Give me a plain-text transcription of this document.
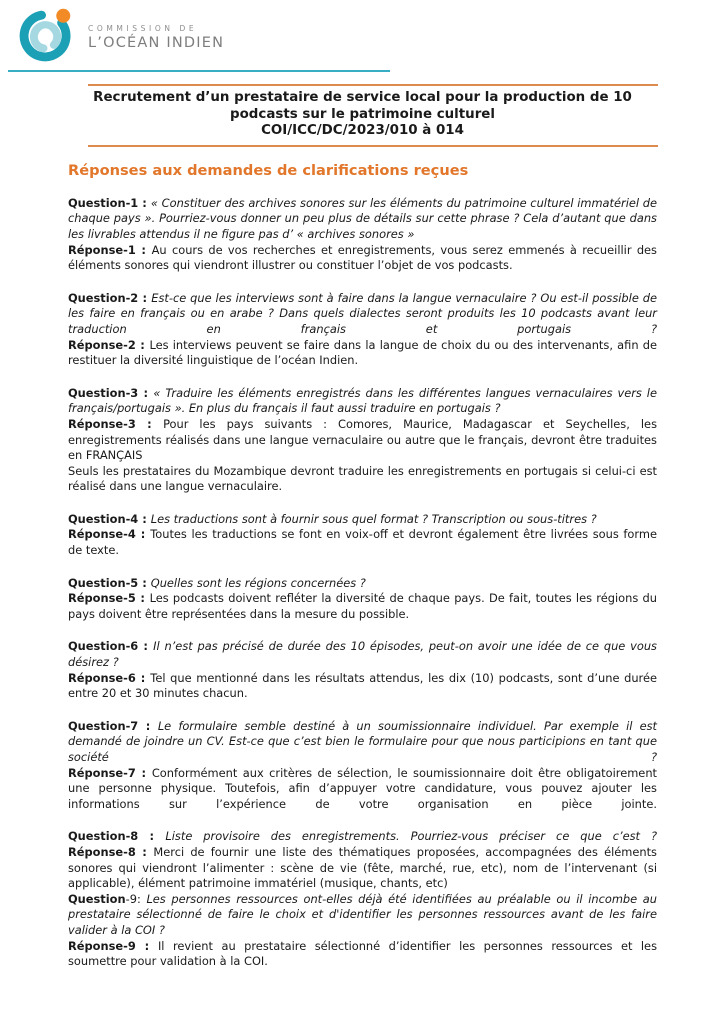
COMMISSION DE
L’OCÉAN INDIEN
Recrutement d’un prestataire de service local pour la production de 10
podcasts sur le patrimoine culturel
COI/ICC/DC/2023/010 à 014
Réponses aux demandes de clarifications reçues

Question-1 : « Constituer des archives sonores sur les éléments du patrimoine culturel immatériel de chaque pays ». Pourriez-vous donner un peu plus de détails sur cette phrase ? Cela d’autant que dans les livrables attendus il ne figure pas d’ « archives sonores »

Réponse-1 : Au cours de vos recherches et enregistrements, vous serez emmenés à recueillir des éléments sonores qui viendront illustrer ou constituer l’objet de vos podcasts.

Question-2 : Est-ce que les interviews sont à faire dans la langue vernaculaire ? Ou est-il possible de les faire en français ou en arabe ? Dans quels dialectes seront produits les 10 podcasts avant leur traduction en français et portugais ?

Réponse-2 : Les interviews peuvent se faire dans la langue de choix du ou des intervenants, afin de restituer la diversité linguistique de l’océan Indien.

Question-3 : « Traduire les éléments enregistrés dans les différentes langues vernaculaires vers le français/portugais ». En plus du français il faut aussi traduire en portugais ?

Réponse-3 : Pour les pays suivants : Comores, Maurice, Madagascar et Seychelles, les enregistrements réalisés dans une langue vernaculaire ou autre que le français, devront être traduites en FRANÇAIS

Seuls les prestataires du Mozambique devront traduire les enregistrements en portugais si celui-ci est réalisé dans une langue vernaculaire.

Question-4 : Les traductions sont à fournir sous quel format ? Transcription ou sous-titres ?

Réponse-4 : Toutes les traductions se font en voix-off et devront également être livrées sous forme de texte.

Question-5 : Quelles sont les régions concernées ?

Réponse-5 : Les podcasts doivent refléter la diversité de chaque pays. De fait, toutes les régions du pays doivent être représentées dans la mesure du possible.

Question-6 : Il n’est pas précisé de durée des 10 épisodes, peut-on avoir une idée de ce que vous désirez ?

Réponse-6 : Tel que mentionné dans les résultats attendus, les dix (10) podcasts, sont d’une durée entre 20 et 30 minutes chacun.

Question-7 : Le formulaire semble destiné à un soumissionnaire individuel. Par exemple il est demandé de joindre un CV. Est-ce que c’est bien le formulaire pour que nous participions en tant que société ?

Réponse-7 : Conformément aux critères de sélection, le soumissionnaire doit être obligatoirement une personne physique. Toutefois, afin d’appuyer votre candidature, vous pouvez ajouter les informations sur l’expérience de votre organisation en pièce jointe.

Question-8 : Liste provisoire des enregistrements. Pourriez-vous préciser ce que c’est ?

Réponse-8 : Merci de fournir une liste des thématiques proposées, accompagnées des éléments sonores qui viendront l’alimenter : scène de vie (fête, marché, rue, etc), nom de l’intervenant (si applicable), élément patrimoine immatériel (musique, chants, etc)

Question-9: Les personnes ressources ont-elles déjà été identifiées au préalable ou il incombe au prestataire sélectionné de faire le choix et d'identifier les personnes ressources avant de les faire valider à la COI ?

Réponse-9 : Il revient au prestataire sélectionné d’identifier les personnes ressources et les soumettre pour validation à la COI.
